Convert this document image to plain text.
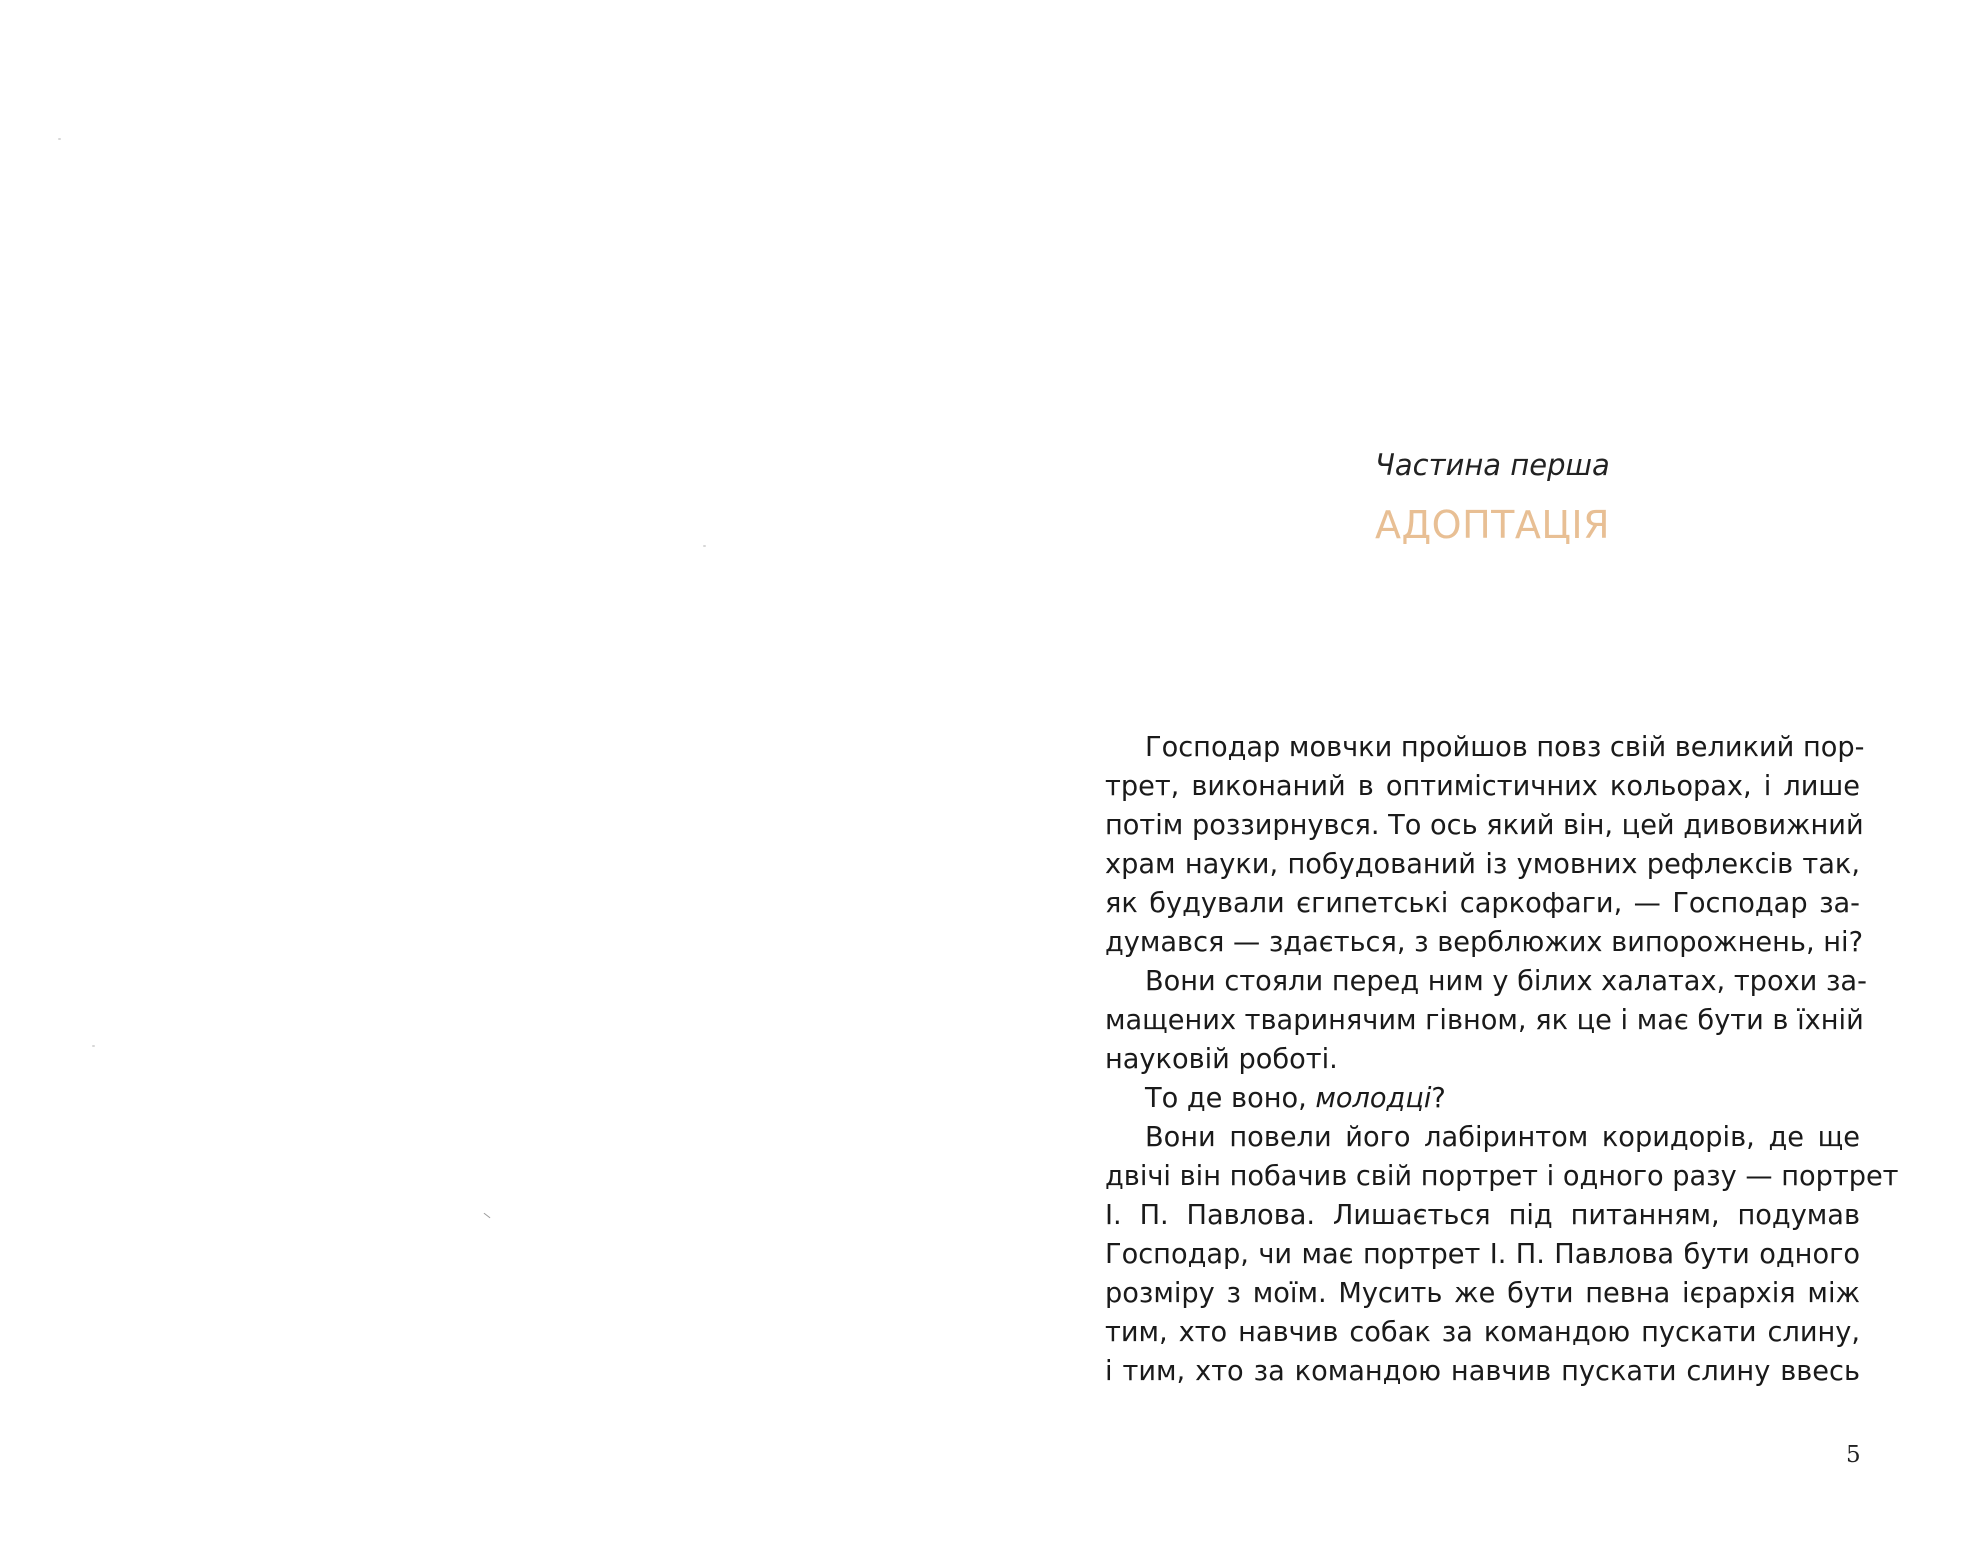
Частина перша
АДОПТАЦІЯ
Господар мовчки пройшов повз свій великий пор-
трет, виконаний в оптимістичних кольорах, і лише
потім роззирнувся. То ось який він, цей дивовижний
храм науки, побудований із умовних рефлексів так,
як будували єгипетські саркофаги, — Господар за-
думався — здається, з верблюжих випорожнень, ні?
Вони стояли перед ним у білих халатах, трохи за-
мащених тваринячим гівном, як це і має бути в їхній
науковій роботі.
То де воно, молодці?
Вони повели його лабіринтом коридорів, де ще
двічі він побачив свій портрет і одного разу — портрет
І. П. Павлова. Лишається під питанням, подумав
Господар, чи має портрет І. П. Павлова бути одного
розміру з моїм. Мусить же бути певна ієрархія між
тим, хто навчив собак за командою пускати слину,
і тим, хто за командою навчив пускати слину ввесь
5
